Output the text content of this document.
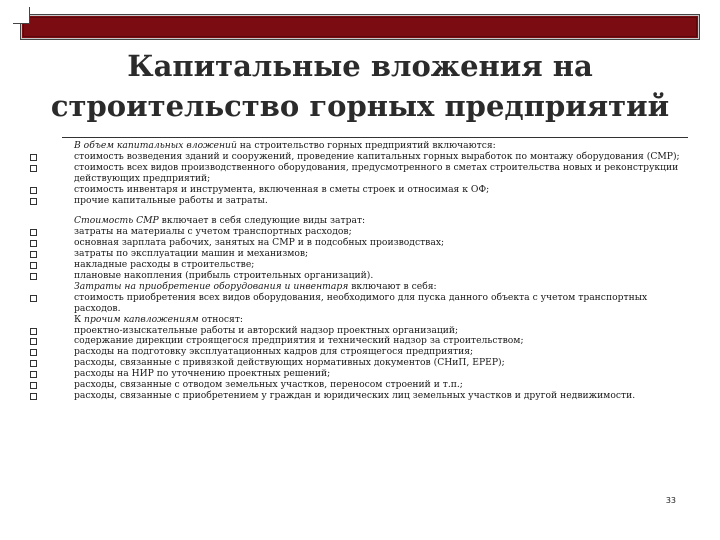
Капитальные вложения на
строительство горных предприятий
В объем капитальных вложений на строительство горных предприятий включаются:
стоимость возведения зданий и сооружений, проведение капитальных горных выработок по монтажу оборудования (СМР);
стоимость всех видов производственного оборудования, предусмотренного в сметах строительства новых и реконструкции действующих предприятий;
стоимость инвентаря и инструмента, включенная в сметы строек и относимая к ОФ;
прочие капитальные работы и затраты.
Стоимость СМР включает в себя следующие виды затрат:
затраты на материалы с учетом транспортных расходов;
основная зарплата рабочих, занятых на СМР и в подсобных производствах;
затраты по эксплуатации машин и механизмов;
накладные расходы в строительстве;
плановые накопления (прибыль строительных организаций).
Затраты на приобретение оборудования и инвентаря включают в себя:
стоимость приобретения всех видов оборудования, необходимого для пуска данного объекта с учетом транспортных расходов.
К прочим капвложениям относят:
проектно-изыскательные работы и авторский надзор проектных организаций;
содержание дирекции строящегося предприятия и технический надзор за строительством;
расходы на подготовку эксплуатационных кадров для строящегося предприятия;
расходы, связанные с привязкой действующих нормативных документов (СНиП, ЕРЕР);
расходы на НИР по уточнению проектных решений;
расходы, связанные с отводом земельных участков, переносом строений и т.п.;
расходы, связанные с приобретением у граждан и юридических лиц земельных участков и другой недвижимости.
33
